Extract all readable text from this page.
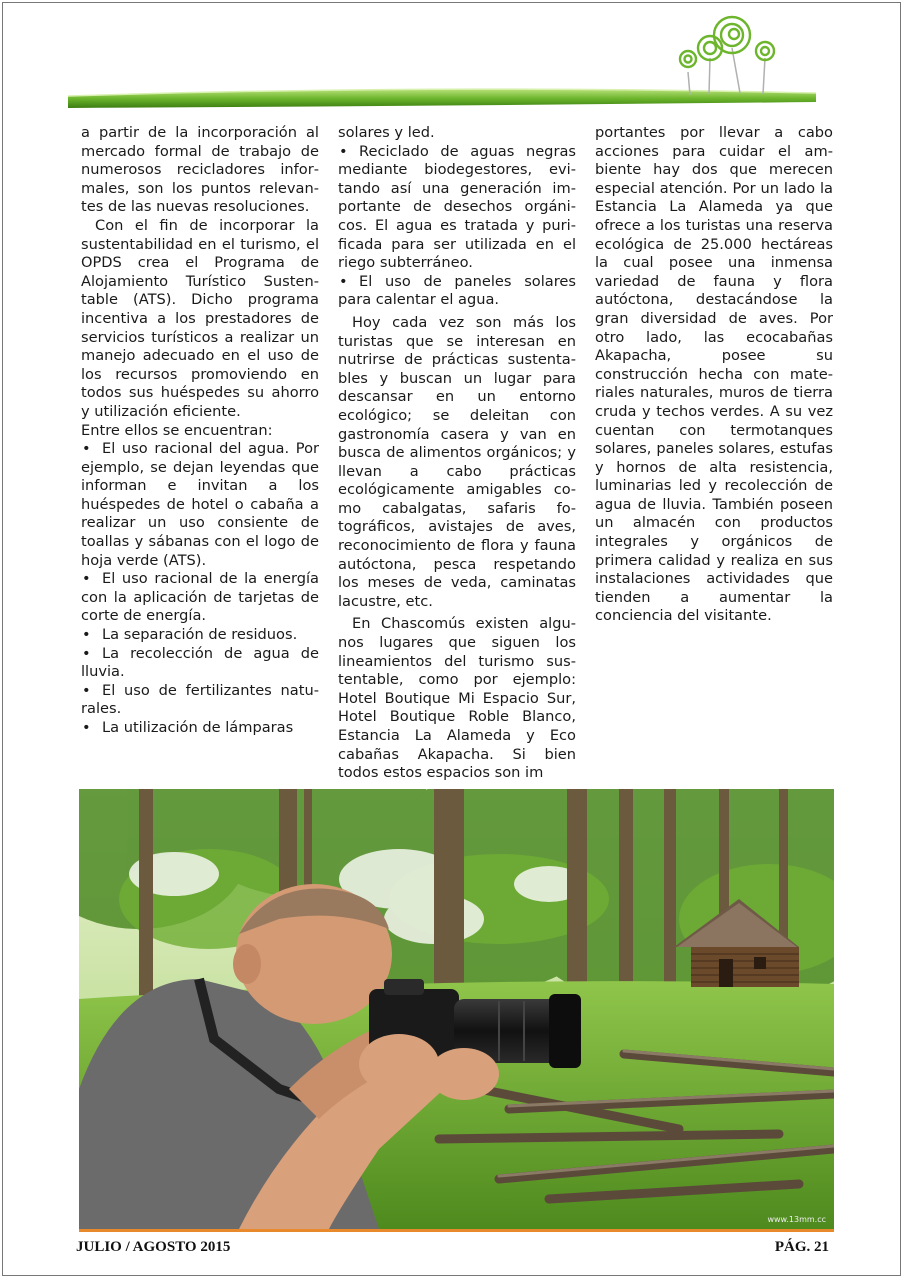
a partir de la incorporación al mercado formal de trabajo de numerosos recicladores informales, son los puntos relevantes de las nuevas resoluciones.

Con el fin de incorporar la sustentabilidad en el turismo, el OPDS crea el Programa de Alojamiento Turístico Sustentable (ATS). Dicho programa incentiva a los prestadores de servicios turísticos a realizar un manejo adecuado en el uso de los recursos promoviendo en todos sus huéspedes su ahorro y utilización eficiente.

Entre ellos se encuentran:

• El uso racional del agua. Por ejemplo, se dejan leyendas que informan e invitan a los huéspedes de hotel o cabaña a realizar un uso consiente de toallas y sábanas con el logo de hoja verde (ATS).

• El uso racional de la energía con la aplicación de tarjetas de corte de energía.

• La separación de residuos.

• La recolección de agua de lluvia.

• El uso de fertilizantes naturales.

• La utilización de lámparas

solares y led.

• Reciclado de aguas negras mediante biodegestores, evitando así una generación importante de desechos orgánicos. El agua es tratada y purificada para ser utilizada en el riego subterráneo.

• El uso de paneles solares para calentar el agua.

Hoy cada vez son más los turistas que se interesan en nutrirse de prácticas sustentables y buscan un lugar para descansar en un entorno ecológico; se deleitan con gastronomía casera y van en busca de alimentos orgánicos; y llevan a cabo prácticas ecológicamente amigables como cabalgatas, safaris fotográficos, avistajes de aves, reconocimiento de flora y fauna autóctona, pesca respetando los meses de veda, caminatas lacustre, etc.

En Chascomús existen algunos lugares que siguen los lineamientos del turismo sustentable, como por ejemplo: Hotel Boutique Mi Espacio Sur, Hotel Boutique Roble Blanco, Estancia La Alameda y Eco cabañas Akapacha. Si bien todos estos espacios son im

portantes por llevar a cabo acciones para cuidar el ambiente hay dos que merecen especial atención. Por un lado la Estancia La Alameda ya que ofrece a los turistas una reserva ecológica de 25.000 hectáreas la cual posee una inmensa variedad de fauna y flora autóctona, destacándose la gran diversidad de aves. Por otro lado, las ecocabañas Akapacha, posee su construcción hecha con materiales naturales, muros de tierra cruda y techos verdes. A su vez cuentan con termotanques solares, paneles solares, estufas y hornos de alta resistencia, luminarias led y recolección de agua de lluvia. También poseen un almacén con productos integrales y orgánicos de primera calidad y realiza en sus instalaciones actividades que tienden a aumentar la conciencia del visitante.

www.13mm.cc
JULIO / AGOSTO 2015	PÁG. 21
